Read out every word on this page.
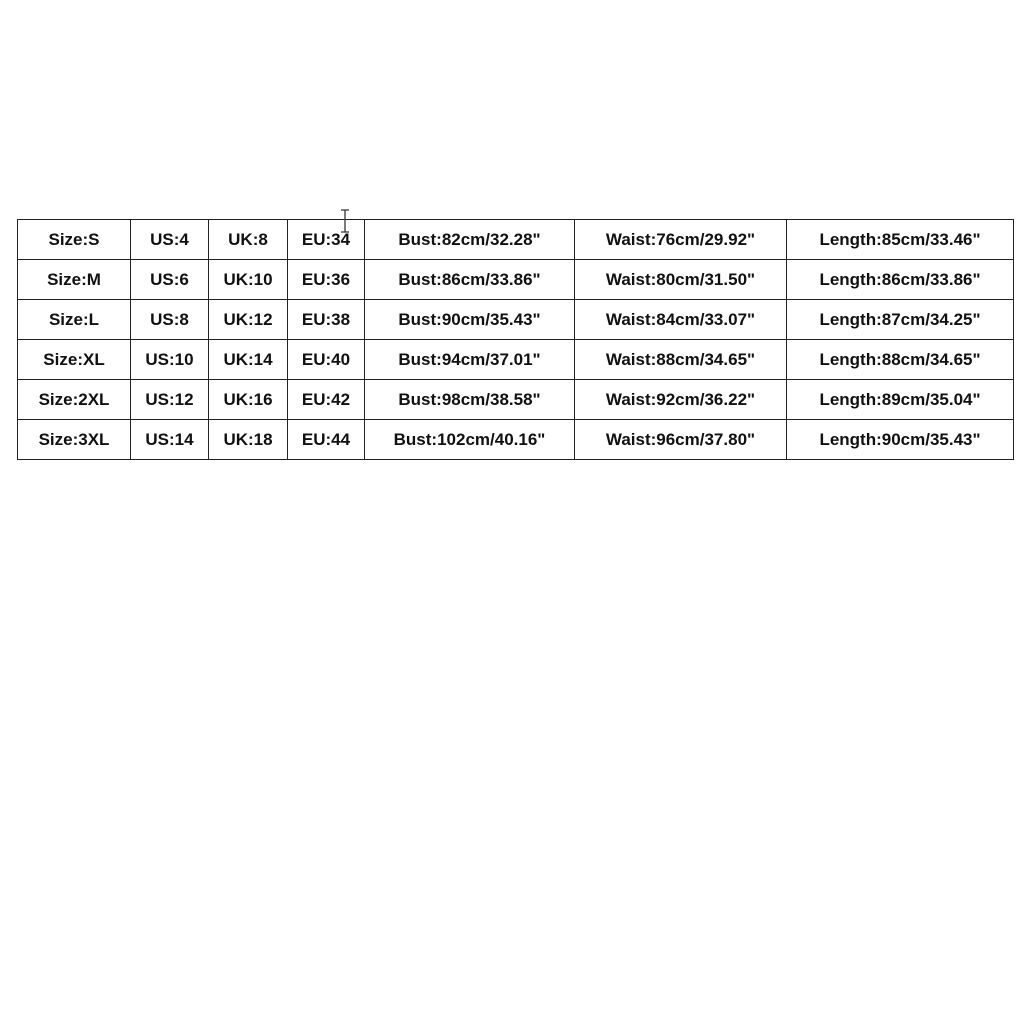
Size:S	US:4	UK:8	EU:34	Bust:82cm/32.28"	Waist:76cm/29.92"	Length:85cm/33.46"
Size:M	US:6	UK:10	EU:36	Bust:86cm/33.86"	Waist:80cm/31.50"	Length:86cm/33.86"
Size:L	US:8	UK:12	EU:38	Bust:90cm/35.43"	Waist:84cm/33.07"	Length:87cm/34.25"
Size:XL	US:10	UK:14	EU:40	Bust:94cm/37.01"	Waist:88cm/34.65"	Length:88cm/34.65"
Size:2XL	US:12	UK:16	EU:42	Bust:98cm/38.58"	Waist:92cm/36.22"	Length:89cm/35.04"
Size:3XL	US:14	UK:18	EU:44	Bust:102cm/40.16"	Waist:96cm/37.80"	Length:90cm/35.43"
